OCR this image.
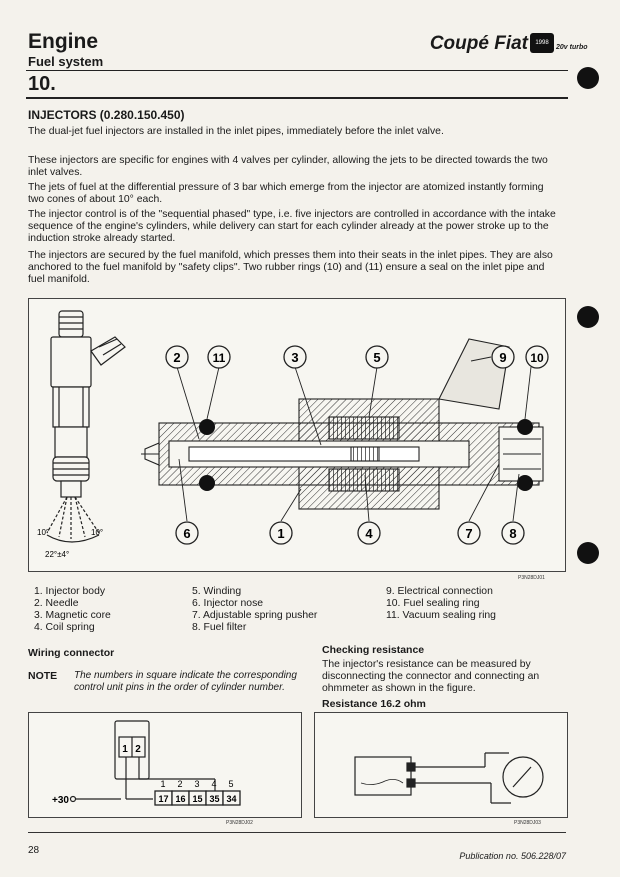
Engine
Fuel system
Coupé Fiat	1998
20v turbo
10.
INJECTORS (0.280.150.450)
The dual-jet fuel injectors are installed in the inlet pipes, immediately before the inlet valve.
These injectors are specific for engines with 4 valves per cylinder, allowing the jets to be directed towards the two inlet valves.
The jets of fuel at the differential pressure of 3 bar which emerge from the injector are atomized instantly forming two cones of about 10° each.
The injector control is of the "sequential phased" type, i.e. five injectors are controlled in accordance with the intake sequence of the engine's cylinders, while delivery can start for each cylinder already at the power stroke up to the induction stroke already started.
The injectors are secured by the fuel manifold, which presses them into their seats in the inlet pipes. They are also anchored to the fuel manifold by "safety clips". Two rubber rings (10) and (11) ensure a seal on the inlet pipe and fuel manifold.
10°	10°
22°±4°
2	11	3	5	9 10
6	1	4	7	8
P3N28DJ01
1. Injector body
2. Needle
3. Magnetic core
4. Coil spring
5. Winding
6. Injector nose
7. Adjustable spring pusher
8. Fuel filter
9. Electrical connection
10. Fuel sealing ring
11. Vacuum sealing ring
Wiring connector
NOTE The numbers in square indicate the corresponding control unit pins in the order of cylinder number.
Checking resistance
The injector's resistance can be measured by disconnecting the connector and connecting an ohmmeter as shown in the figure.
Resistance 16.2 ohm
1 2
+30
1 2 3 4 5
17 16 15 35 34
P3N28DJ02	P3N28DJ03
28	Publication no. 506.228/07
